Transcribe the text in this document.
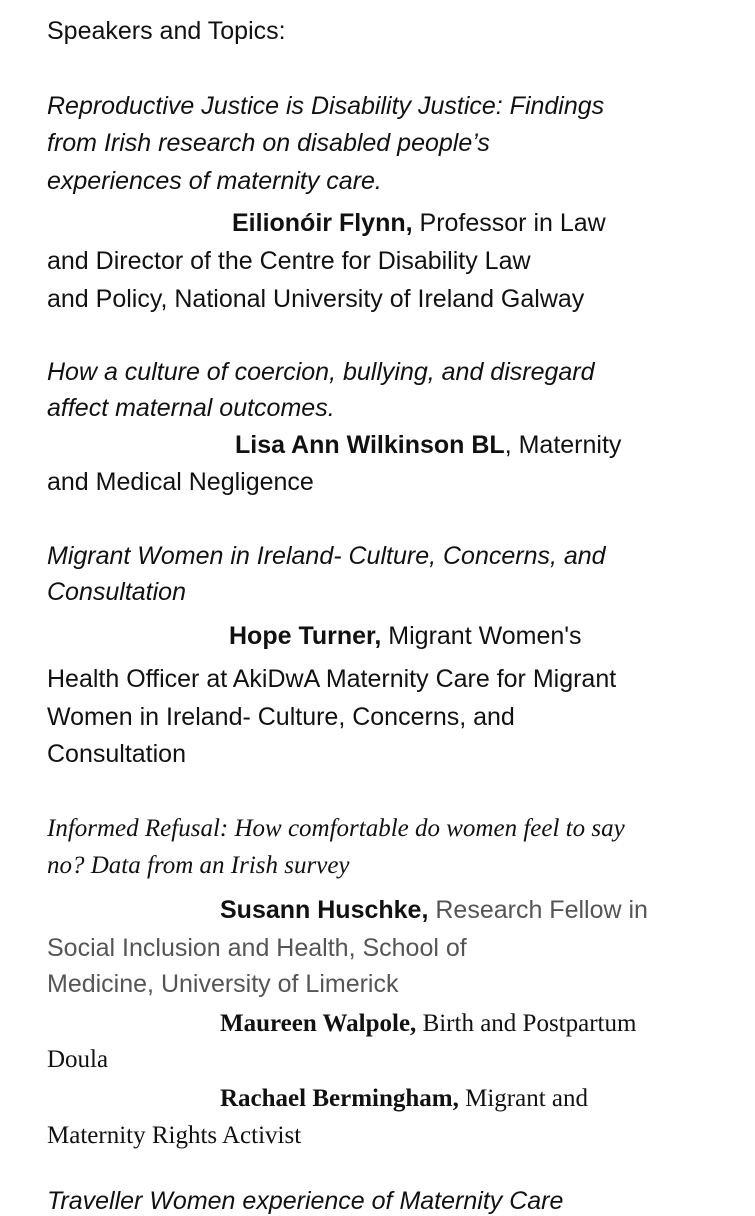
Speakers and Topics:
Reproductive Justice is Disability Justice: Findings
from Irish research on disabled people’s
experiences of maternity care.
Eilionóir Flynn, Professor in Law
and Director of the Centre for Disability Law
and Policy, National University of Ireland Galway
How a culture of coercion, bullying, and disregard
affect maternal outcomes.
Lisa Ann Wilkinson BL, Maternity
and Medical Negligence
Migrant Women in Ireland- Culture, Concerns, and
Consultation
Hope Turner, Migrant Women's
Health Officer at AkiDwA Maternity Care for Migrant
Women in Ireland- Culture, Concerns, and
Consultation
Informed Refusal: How comfortable do women feel to say
no? Data from an Irish survey
Susann Huschke, Research Fellow in
Social Inclusion and Health, School of
Medicine, University of Limerick
Maureen Walpole, Birth and Postpartum
Doula
Rachael Bermingham, Migrant and
Maternity Rights Activist
Traveller Women experience of Maternity Care
